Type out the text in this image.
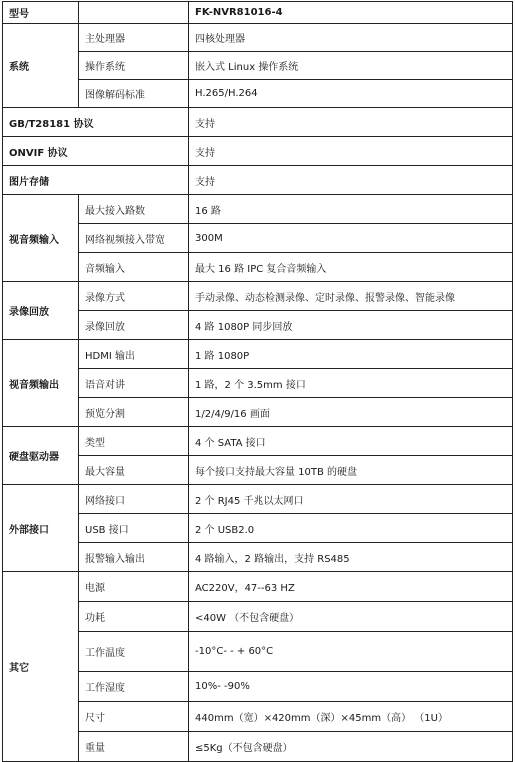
型号		FK-NVR81016-4
系统	主处理器	四核处理器
	操作系统	嵌入式 Linux 操作系统
	图像解码标准	H.265/H.264
GB/T28181 协议		支持
ONVIF 协议		支持
图片存储		支持
视音频输入	最大接入路数	16 路
	网络视频接入带宽	300M
	音频输入	最大 16 路 IPC 复合音频输入
录像回放	录像方式	手动录像、动态检测录像、定时录像、报警录像、智能录像
	录像回放	4 路 1080P 同步回放
视音频输出	HDMI 输出	1 路 1080P
	语音对讲	1 路，2 个 3.5mm 接口
	预览分割	1/2/4/9/16 画面
硬盘驱动器	类型	4 个 SATA 接口
	最大容量	每个接口支持最大容量 10TB 的硬盘
外部接口	网络接口	2 个 RJ45 千兆以太网口
	USB 接口	2 个 USB2.0
	报警输入输出	4 路输入，2 路输出，支持 RS485
其它	电源	AC220V，47--63 HZ
	功耗	<40W （不包含硬盘）
	工作温度	-10°C- - + 60°C
	工作湿度	10%- -90%
	尺寸	440mm（宽）×420mm（深）×45mm（高） （1U）
	重量	≤5Kg（不包含硬盘）
